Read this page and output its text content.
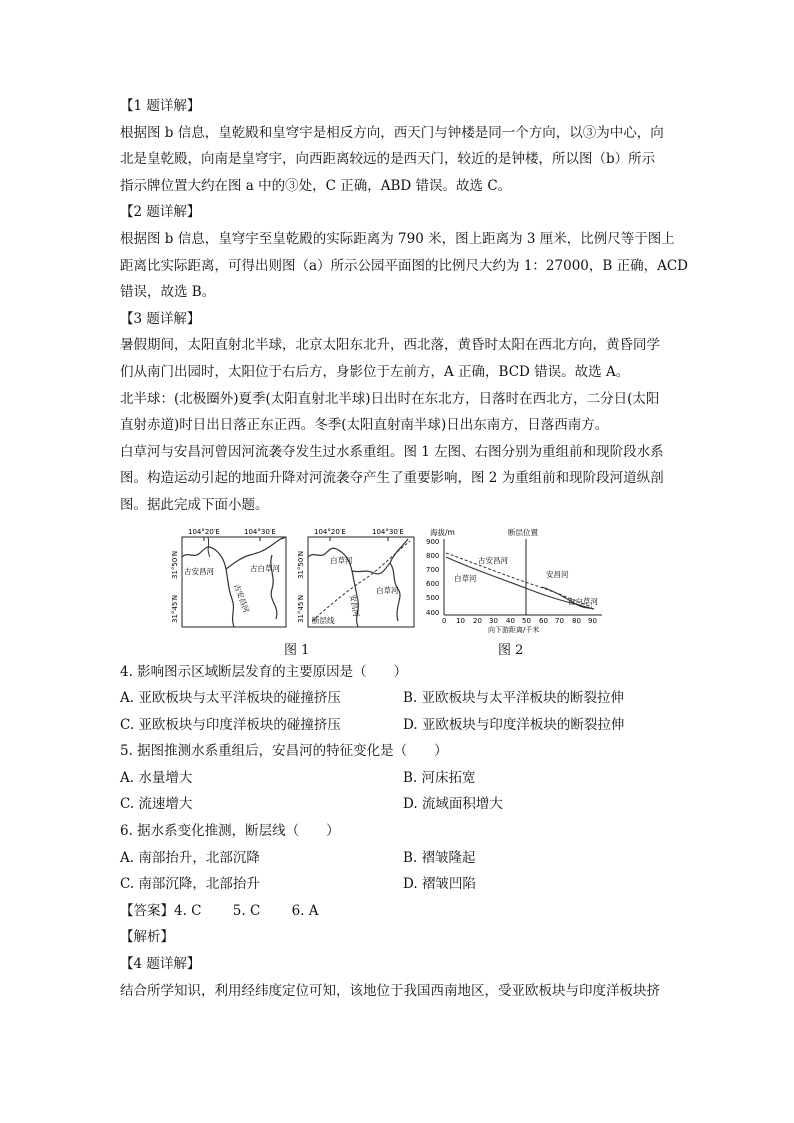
【1 题详解】
根据图 b 信息，皇乾殿和皇穹宇是相反方向，西天门与钟楼是同一个方向，以③为中心，向
北是皇乾殿，向南是皇穹宇，向西距离较远的是西天门，较近的是钟楼，所以图（b）所示
指示牌位置大约在图 a 中的③处，C 正确，ABD 错误。故选 C。
【2 题详解】
根据图 b 信息，皇穹宇至皇乾殿的实际距离为 790 米，图上距离为 3 厘米，比例尺等于图上
距离比实际距离，可得出则图（a）所示公园平面图的比例尺大约为 1：27000，B 正确，ACD
错误，故选 B。
【3 题详解】
暑假期间，太阳直射北半球，北京太阳东北升，西北落，黄昏时太阳在西北方向，黄昏同学
们从南门出园时，太阳位于右后方，身影位于左前方，A 正确，BCD 错误。故选 A。
北半球：(北极圈外)夏季(太阳直射北半球)日出时在东北方，日落时在西北方，二分日(太阳
直射赤道)时日出日落正东正西。冬季(太阳直射南半球)日出东南方，日落西南方。
白草河与安昌河曾因河流袭夺发生过水系重组。图 1 左图、右图分别为重组前和现阶段水系
图。构造运动引起的地面升降对河流袭夺产生了重要影响，图 2 为重组前和现阶段河道纵剖
图。据此完成下面小题。
104°20′E	104°30′E
31°50′N
31°45′N
古安昌河	古白草河
古安昌河
104°20′E	104°30′E
31°50′N
31°45′N
白草河
白草河
安昌河
断层线
海拔/m	断层位置
900
800
700
600
500
400
0 10 20 30 40 50 60 70 80 90
向下游距离/千米
古安昌河
白草河	安昌河
古白草河
图 1	图 2
4. 影响图示区域断层发育的主要原因是（　　）
A. 亚欧板块与太平洋板块的碰撞挤压	B. 亚欧板块与太平洋板块的断裂拉伸
C. 亚欧板块与印度洋板块的碰撞挤压	D. 亚欧板块与印度洋板块的断裂拉伸
5. 据图推测水系重组后，安昌河的特征变化是（　　）
A. 水量增大	B. 河床拓宽
C. 流速增大	D. 流域面积增大
6. 据水系变化推测，断层线（　　）
A. 南部抬升，北部沉降	B. 褶皱隆起
C. 南部沉降，北部抬升	D. 褶皱凹陷
【答案】4. C　　 5. C　　 6. A
【解析】
【4 题详解】
结合所学知识，利用经纬度定位可知，该地位于我国西南地区，受亚欧板块与印度洋板块挤
